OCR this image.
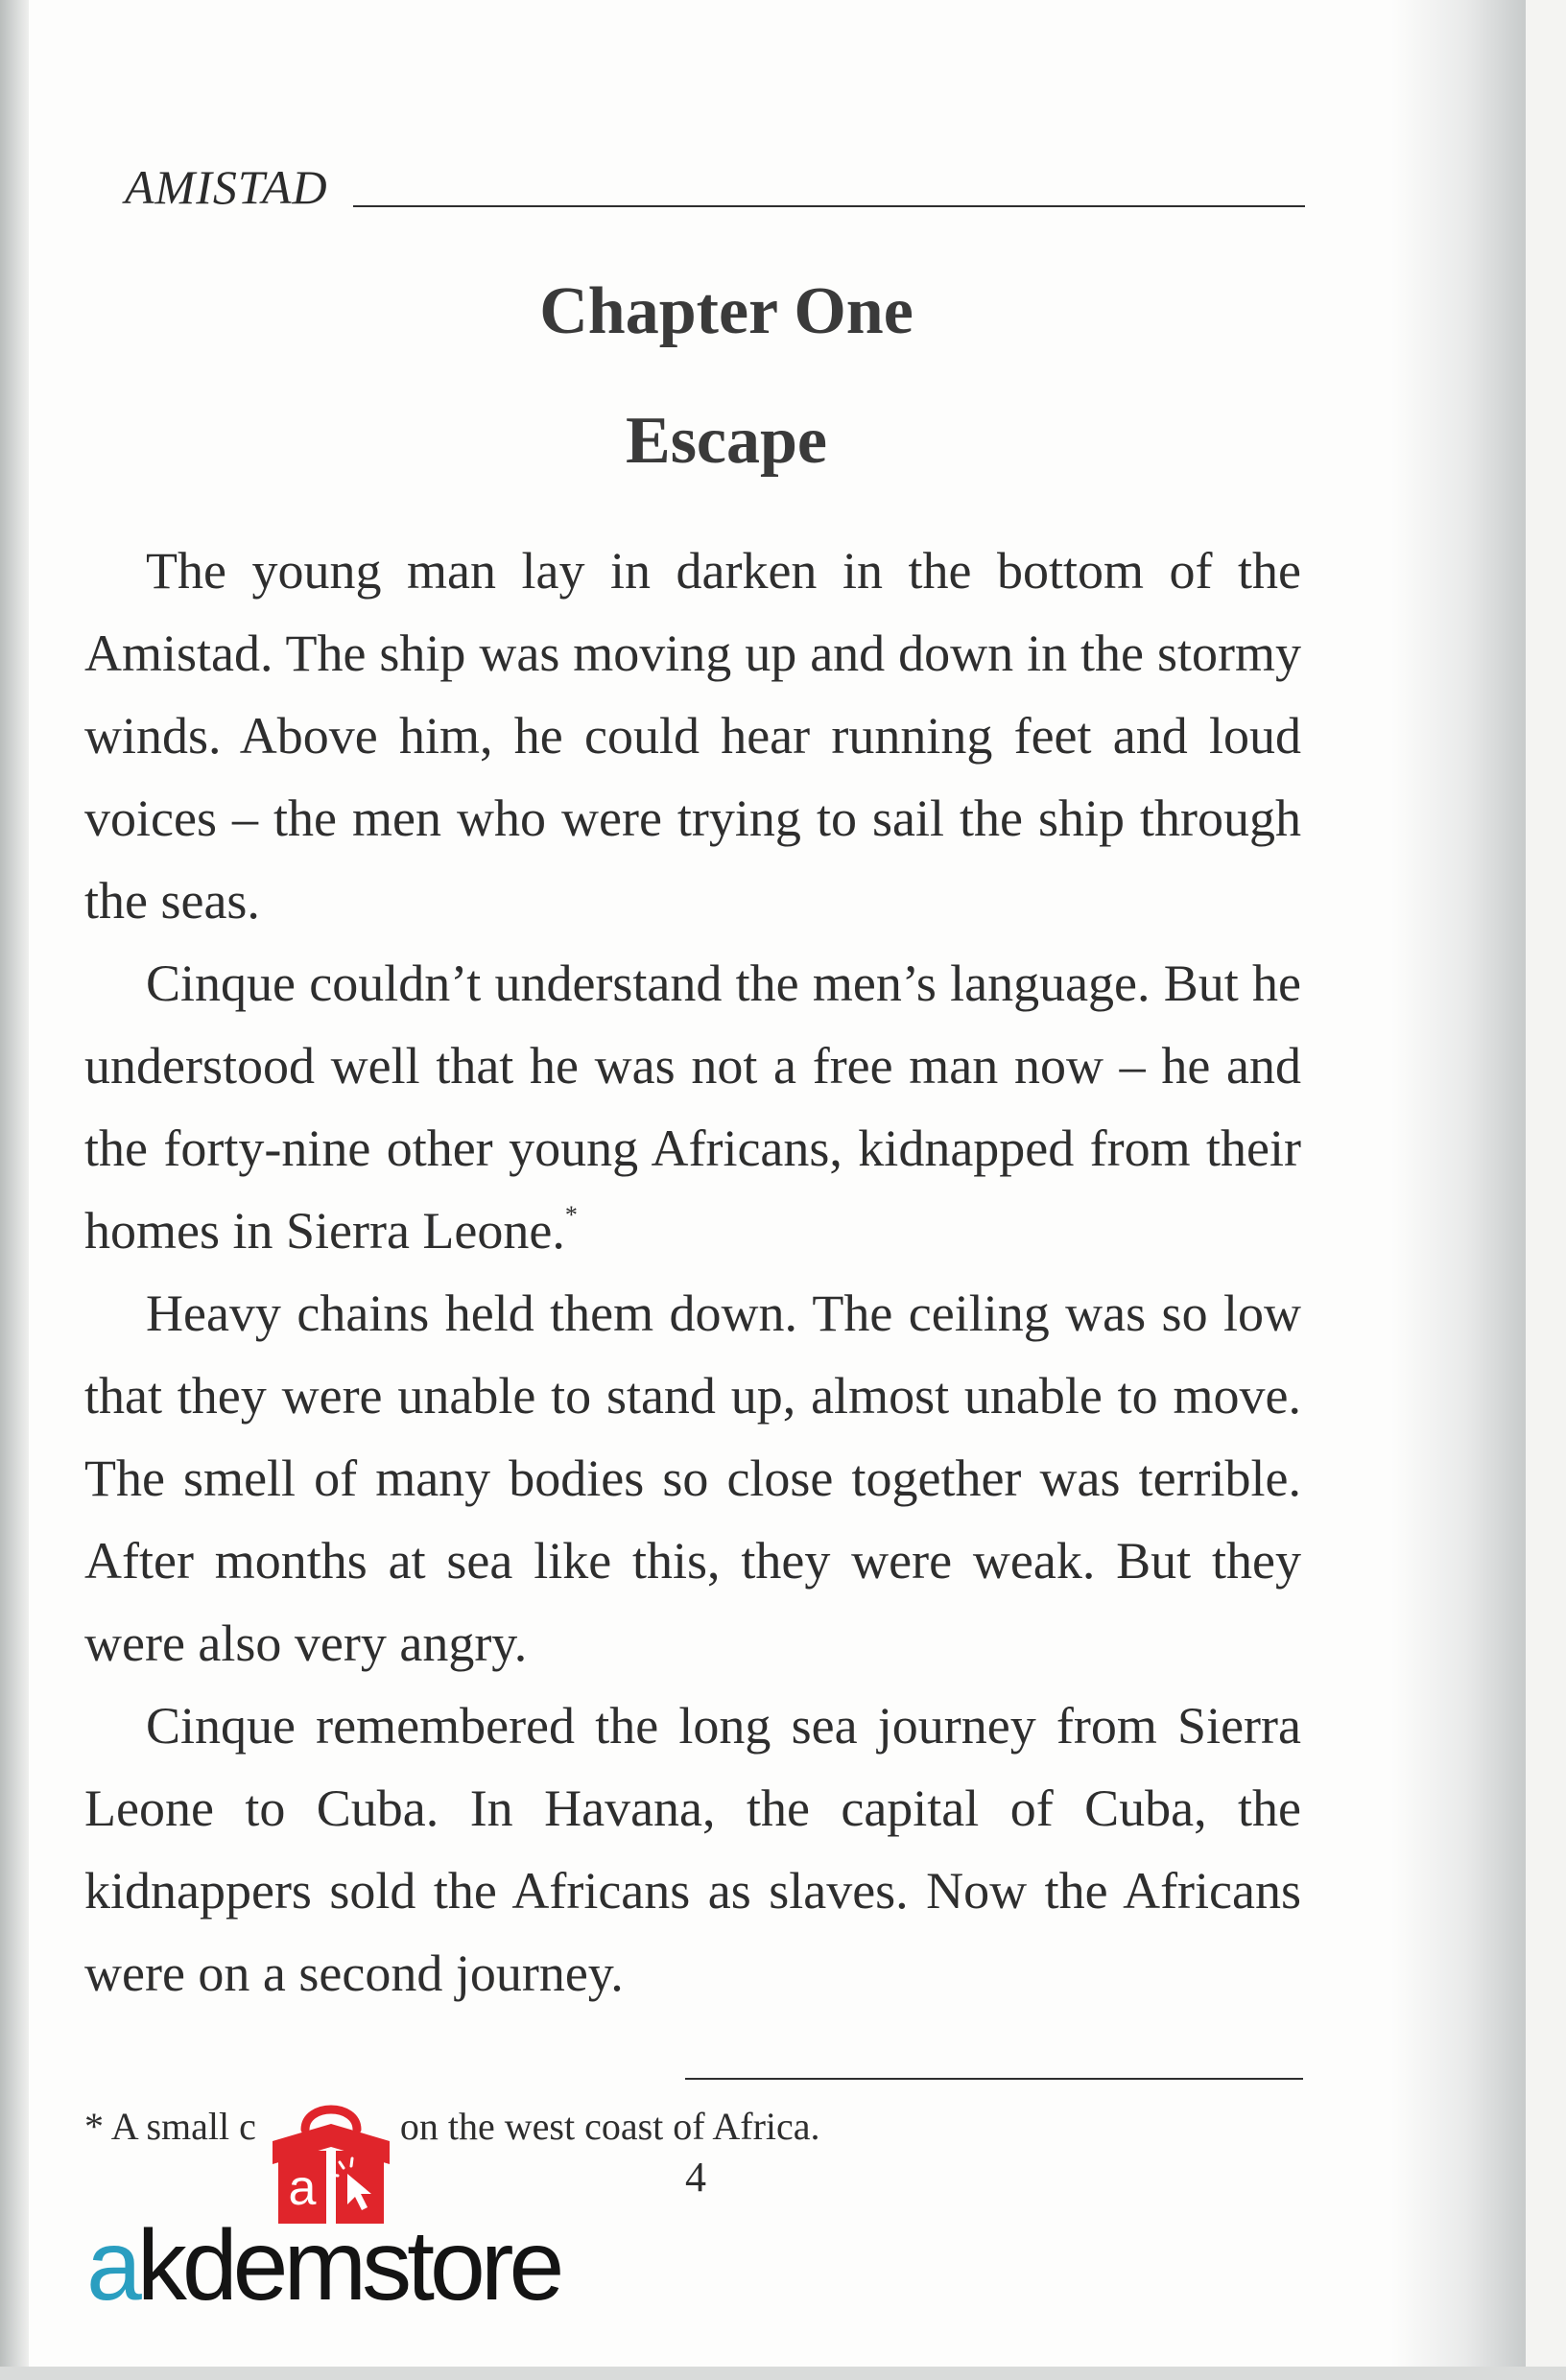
AMISTAD
Chapter One
Escape

The young man lay in darken in the bottom of the Amistad. The ship was moving up and down in the stormy winds. Above him, he could hear running feet and loud voices – the men who were trying to sail the ship through the seas.

Cinque couldn’t understand the men’s language. But he understood well that he was not a free man now – he and the forty-nine other young Africans, kidnapped from their homes in Sierra Leone.*

Heavy chains held them down. The ceiling was so low that they were unable to stand up, almost unable to move. The smell of many bodies so close together was terrible. After months at sea like this, they were weak. But they were also very angry.

Cinque remembered the long sea journey from Sierra Leone to Cuba. In Havana, the capital of Cuba, the kidnappers sold the Africans as slaves. Now the Africans were on a second journey.

* A small c	on the west coast of Africa.
4
a
akdemstore
